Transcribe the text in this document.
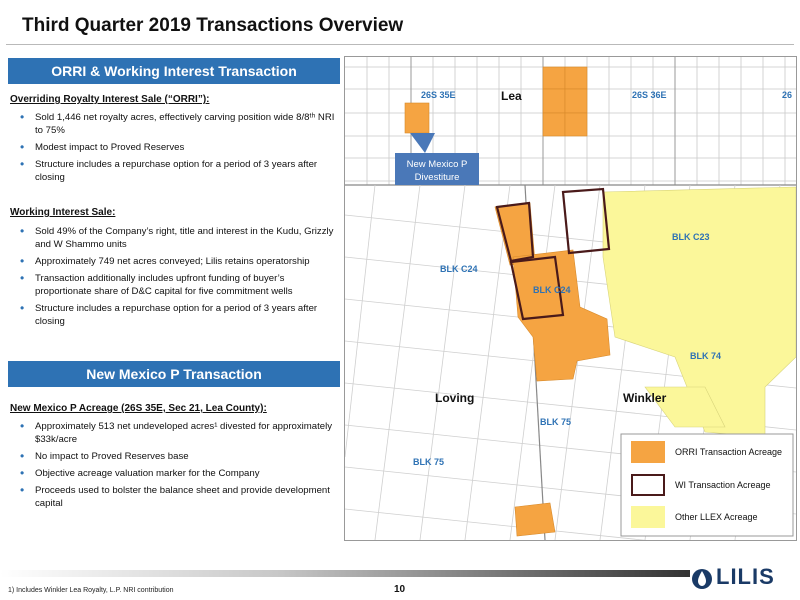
Third Quarter 2019 Transactions Overview
ORRI & Working Interest Transaction
Overriding Royalty Interest Sale (“ORRI”):
• Sold 1,446 net royalty acres, effectively carving position wide 8/8ᵗʰ NRI to 75%
• Modest impact to Proved Reserves
• Structure includes a repurchase option for a period of 3 years after closing
Working Interest Sale:
• Sold 49% of the Company’s right, title and interest in the Kudu, Grizzly and W Shammo units
• Approximately 749 net acres conveyed; Lilis retains operatorship
• Transaction additionally includes upfront funding of buyer’s proportionate share of D&C capital for five commitment wells
• Structure includes a repurchase option for a period of 3 years after closing
New Mexico P Transaction
New Mexico P Acreage (26S 35E, Sec 21, Lea County):
• Approximately 513 net undeveloped acres¹ divested for approximately $33k/acre
• No impact to Proved Reserves base
• Objective acreage valuation marker for the Company
• Proceeds used to bolster the balance sheet and provide development capital
26S 35E	26S 36E	26
Lea
Loving	Winkler
BLK C24
BLK C24
BLK C23
BLK 74
BLK 75
BLK 75
New Mexico P
Divestiture
ORRI Transaction Acreage
WI Transaction Acreage
Other LLEX Acreage
1) Includes Winkler Lea Royalty, L.P. NRI contribution	10
LILIS
